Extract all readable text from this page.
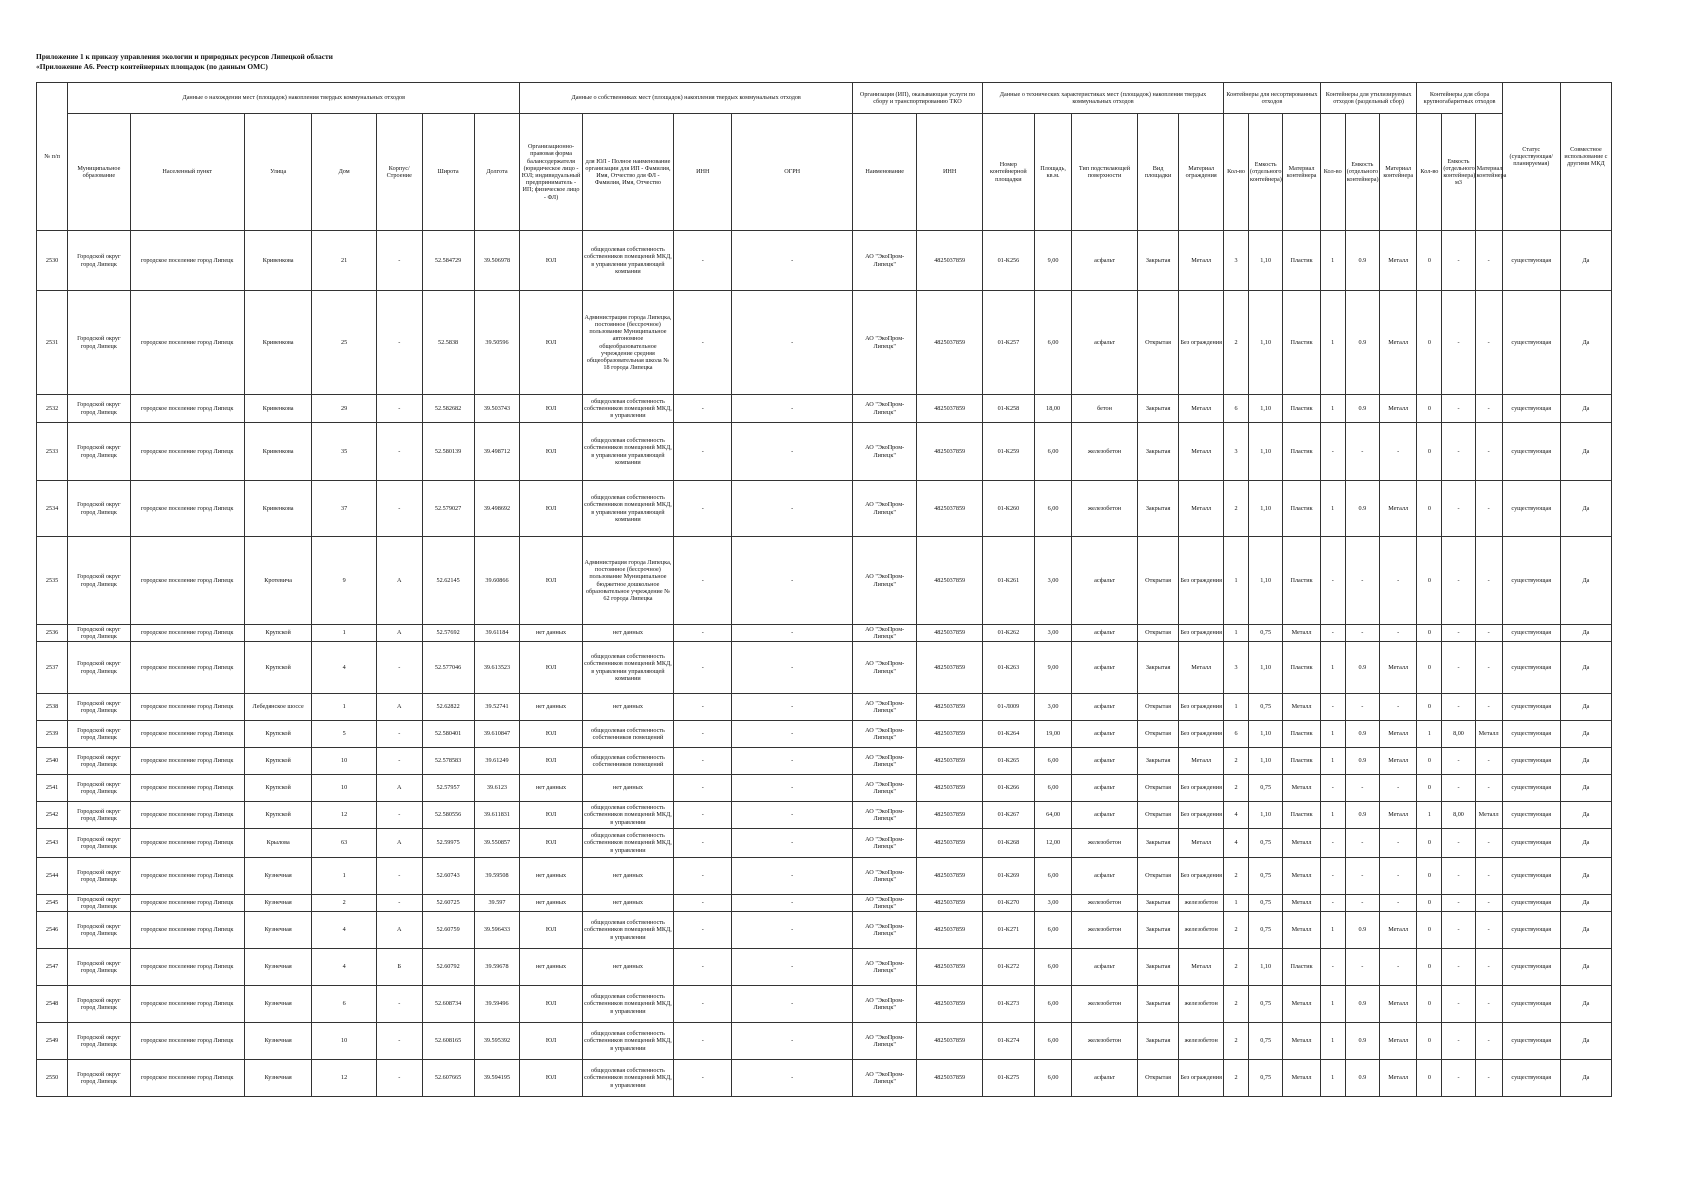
Приложение 1 к приказу управления экологии и природных ресурсов Липецкой области
«Приложение А6. Реестр контейнерных площадок (по данным ОМС)
№ п/п	Данные о нахождении мест (площадок) накопления твердых коммунальных отходов							Данные о собственниках мест (площадок) накопления твердых коммунальных отходов				Организация (ИП), оказывающая услуги по сбору и транспортированию ТКО		Данные о технических характеристиках мест (площадок) накопления твердых коммунальных отходов					Контейнеры для несортированных отходов			Контейнеры для утилизируемых отходов (раздельный сбор)			Контейнеры для сбора крупногабаритных отходов			Статус (существующая/ планируемая)	Совместное использование с другими МКД
	Муниципальное образование	Населенный пункт	Улица	Дом	Корпус/Строение	Широта	Долгота	Организационно-правовая форма балансодержателя (юридическое лицо - ЮЛ; индивидуальный предприниматель - ИП; физическое лицо - ФЛ)	для ЮЛ - Полное наименование организации для ИП - Фамилия, Имя, Отчество для ФЛ - Фамилия, Имя, Отчество	ИНН	ОГРН	Наименование	ИНН	Номер контейнерной площадки	Площадь, кв.м.	Тип подстилающей поверхности	Вид площадки	Материал ограждения	Кол-во	Емкость (отдельного контейнера)	Материал контейнера	Кол-во	Емкость (отдельного контейнера)	Материал контейнера	Кол-во	Емкость (отдельного контейнера) м3	Материал контейнера		

2530	Городской округ город Липецк	городское поселение город Липецк	Кривенкова	21	-	52.584729	39.506978	ЮЛ	общедолевая собственность собственников помещений МКД, в управлении управляющей компании	-	-	АО "ЭкоПром-Липецк"	4825037859	01-К256	9,00	асфальт	Закрытая	Металл	3	1,10	Пластик	1	0.9	Металл	0	-	-	существующая	Да

2531	Городской округ город Липецк	городское поселение город Липецк	Кривенкова	25	-	52.5838	39.50596	ЮЛ	Администрация города Липецка, постоянное (бессрочное) пользование Муниципальное автономное общеобразовательное учреждение средняя общеобразовательная школа № 18 города Липецка	-	-	АО "ЭкоПром-Липецк"	4825037859	01-К257	6,00	асфальт	Открытая	Без ограждения	2	1,10	Пластик	1	0.9	Металл	0	-	-	существующая	Да

2532	Городской округ город Липецк	городское поселение город Липецк	Кривенкова	29	-	52.582682	39.503743	ЮЛ	общедолевая собственность собственников помещений МКД, в управлении	-	-	АО "ЭкоПром-Липецк"	4825037859	01-К258	18,00	бетон	Закрытая	Металл	6	1,10	Пластик	1	0.9	Металл	0	-	-	существующая	Да

2533	Городской округ город Липецк	городское поселение город Липецк	Кривенкова	35	-	52.580139	39.498712	ЮЛ	общедолевая собственность собственников помещений МКД, в управлении управляющей компании	-	-	АО "ЭкоПром-Липецк"	4825037859	01-К259	6,00	железобетон	Закрытая	Металл	3	1,10	Пластик	-	-	-	0	-	-	существующая	Да

2534	Городской округ город Липецк	городское поселение город Липецк	Кривенкова	37	-	52.579027	39.498692	ЮЛ	общедолевая собственность собственников помещений МКД, в управлении управляющей компании	-	-	АО "ЭкоПром-Липецк"	4825037859	01-К260	6,00	железобетон	Закрытая	Металл	2	1,10	Пластик	1	0.9	Металл	0	-	-	существующая	Да

2535	Городской округ город Липецк	городское поселение город Липецк	Кротевича	9	А	52.62145	39.60866	ЮЛ	Администрация города Липецка, постоянное (бессрочное) пользование Муниципальное бюджетное дошкольное образовательное учреждение № 62 города Липецка	-	-	АО "ЭкоПром-Липецк"	4825037859	01-К261	3,00	асфальт	Открытая	Без ограждения	1	1,10	Пластик	-	-	-	0	-	-	существующая	Да

2536	Городской округ город Липецк	городское поселение город Липецк	Крупской	1	А	52.57692	39.61184	нет данных	нет данных	-	-	АО "ЭкоПром-Липецк"	4825037859	01-К262	3,00	асфальт	Открытая	Без ограждения	1	0,75	Металл	-	-	-	0	-	-	существующая	Да

2537	Городской округ город Липецк	городское поселение город Липецк	Крупской	4	-	52.577046	39.613523	ЮЛ	общедолевая собственность собственников помещений МКД, в управлении управляющей компании	-	-	АО "ЭкоПром-Липецк"	4825037859	01-К263	9,00	асфальт	Закрытая	Металл	3	1,10	Пластик	1	0.9	Металл	0	-	-	существующая	Да

2538	Городской округ город Липецк	городское поселение город Липецк	Лебедянское шоссе	1	А	52.62822	39.52741	нет данных	нет данных	-	-	АО "ЭкоПром-Липецк"	4825037859	01-Л009	3,00	асфальт	Открытая	Без ограждения	1	0,75	Металл	-	-	-	0	-	-	существующая	Да

2539	Городской округ город Липецк	городское поселение город Липецк	Крупской	5	-	52.580401	39.610847	ЮЛ	общедолевая собственность собственников помещений	-	-	АО "ЭкоПром-Липецк"	4825037859	01-К264	19,00	асфальт	Открытая	Без ограждения	6	1,10	Пластик	1	0.9	Металл	1	8,00	Металл	существующая	Да

2540	Городской округ город Липецк	городское поселение город Липецк	Крупской	10	-	52.578583	39.61249	ЮЛ	общедолевая собственность собственников помещений	-	-	АО "ЭкоПром-Липецк"	4825037859	01-К265	6,00	асфальт	Закрытая	Металл	2	1,10	Пластик	1	0.9	Металл	0	-	-	существующая	Да

2541	Городской округ город Липецк	городское поселение город Липецк	Крупской	10	А	52.57957	39.6123	нет данных	нет данных	-	-	АО "ЭкоПром-Липецк"	4825037859	01-К266	6,00	асфальт	Открытая	Без ограждения	2	0,75	Металл	-	-	-	0	-	-	существующая	Да

2542	Городской округ город Липецк	городское поселение город Липецк	Крупской	12	-	52.580556	39.611831	ЮЛ	общедолевая собственность собственников помещений МКД, в управлении	-	-	АО "ЭкоПром-Липецк"	4825037859	01-К267	64,00	асфальт	Открытая	Без ограждения	4	1,10	Пластик	1	0.9	Металл	1	8,00	Металл	существующая	Да

2543	Городской округ город Липецк	городское поселение город Липецк	Крылова	63	А	52.59975	39.550857	ЮЛ	общедолевая собственность собственников помещений МКД, в управлении	-	-	АО "ЭкоПром-Липецк"	4825037859	01-К268	12,00	железобетон	Закрытая	Металл	4	0,75	Металл	-	-	-	0	-	-	существующая	Да

2544	Городской округ город Липецк	городское поселение город Липецк	Кузнечная	1	-	52.60743	39.59508	нет данных	нет данных	-	-	АО "ЭкоПром-Липецк"	4825037859	01-К269	6,00	асфальт	Открытая	Без ограждения	2	0,75	Металл	-	-	-	0	-	-	существующая	Да

2545	Городской округ город Липецк	городское поселение город Липецк	Кузнечная	2	-	52.60725	39.597	нет данных	нет данных	-	-	АО "ЭкоПром-Липецк"	4825037859	01-К270	3,00	железобетон	Закрытая	железобетон	1	0,75	Металл	-	-	-	0	-	-	существующая	Да

2546	Городской округ город Липецк	городское поселение город Липецк	Кузнечная	4	А	52.60759	39.596433	ЮЛ	общедолевая собственность собственников помещений МКД, в управлении	-	-	АО "ЭкоПром-Липецк"	4825037859	01-К271	6,00	железобетон	Закрытая	железобетон	2	0,75	Металл	1	0.9	Металл	0	-	-	существующая	Да

2547	Городской округ город Липецк	городское поселение город Липецк	Кузнечная	4	Б	52.60792	39.59678	нет данных	нет данных	-	-	АО "ЭкоПром-Липецк"	4825037859	01-К272	6,00	асфальт	Закрытая	Металл	2	1,10	Пластик	-	-	-	0	-	-	существующая	Да

2548	Городской округ город Липецк	городское поселение город Липецк	Кузнечная	6	-	52.608734	39.59496	ЮЛ	общедолевая собственность собственников помещений МКД, в управлении	-	-	АО "ЭкоПром-Липецк"	4825037859	01-К273	6,00	железобетон	Закрытая	железобетон	2	0,75	Металл	1	0.9	Металл	0	-	-	существующая	Да

2549	Городской округ город Липецк	городское поселение город Липецк	Кузнечная	10	-	52.608165	39.595392	ЮЛ	общедолевая собственность собственников помещений МКД, в управлении	-	-	АО "ЭкоПром-Липецк"	4825037859	01-К274	6,00	железобетон	Закрытая	железобетон	2	0,75	Металл	1	0.9	Металл	0	-	-	существующая	Да

2550	Городской округ город Липецк	городское поселение город Липецк	Кузнечная	12	-	52.607665	39.594195	ЮЛ	общедолевая собственность собственников помещений МКД, в управлении	-	-	АО "ЭкоПром-Липецк"	4825037859	01-К275	6,00	асфальт	Открытая	Без ограждения	2	0,75	Металл	1	0.9	Металл	0	-	-	существующая	Да
